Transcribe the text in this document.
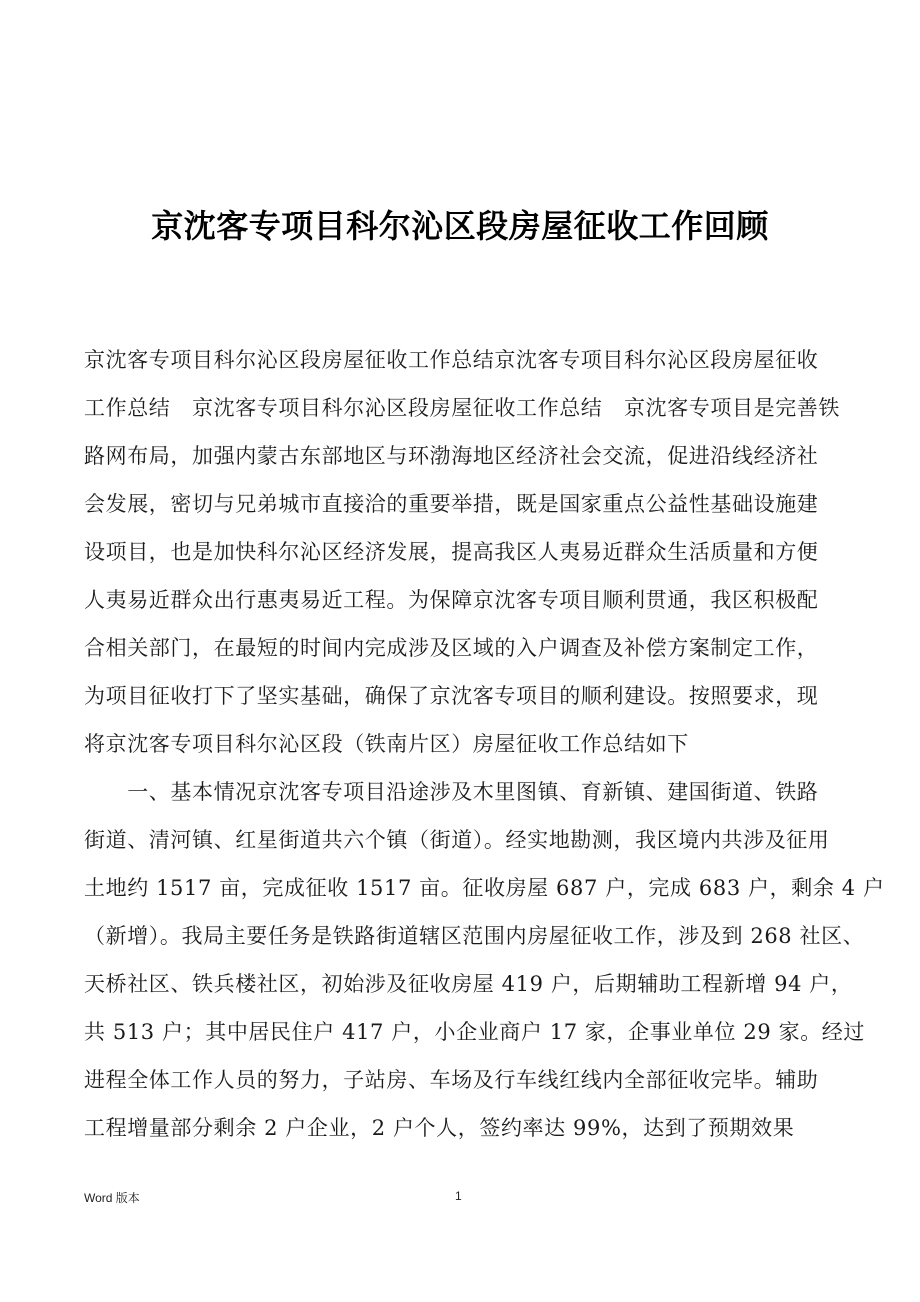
京沈客专项目科尔沁区段房屋征收工作回顾
京沈客专项目科尔沁区段房屋征收工作总结京沈客专项目科尔沁区段房屋征收
工作总结　京沈客专项目科尔沁区段房屋征收工作总结　京沈客专项目是完善铁
路网布局，加强内蒙古东部地区与环渤海地区经济社会交流，促进沿线经济社
会发展，密切与兄弟城市直接洽的重要举措，既是国家重点公益性基础设施建
设项目，也是加快科尔沁区经济发展，提高我区人夷易近群众生活质量和方便
人夷易近群众出行惠夷易近工程。为保障京沈客专项目顺利贯通，我区积极配
合相关部门，在最短的时间内完成涉及区域的入户调查及补偿方案制定工作，
为项目征收打下了坚实基础，确保了京沈客专项目的顺利建设。按照要求，现
将京沈客专项目科尔沁区段（铁南片区）房屋征收工作总结如下
　　一、基本情况京沈客专项目沿途涉及木里图镇、育新镇、建国街道、铁路
街道、清河镇、红星街道共六个镇（街道）。经实地勘测，我区境内共涉及征用
土地约 1517 亩，完成征收 1517 亩。征收房屋 687 户，完成 683 户，剩余 4 户
（新增）。我局主要任务是铁路街道辖区范围内房屋征收工作，涉及到 268 社区、
天桥社区、铁兵楼社区，初始涉及征收房屋 419 户，后期辅助工程新增 94 户，
共 513 户；其中居民住户 417 户，小企业商户 17 家，企事业单位 29 家。经过
进程全体工作人员的努力，子站房、车场及行车线红线内全部征收完毕。辅助
工程增量部分剩余 2 户企业，2 户个人，签约率达 99%，达到了预期效果
Word 版本	1
